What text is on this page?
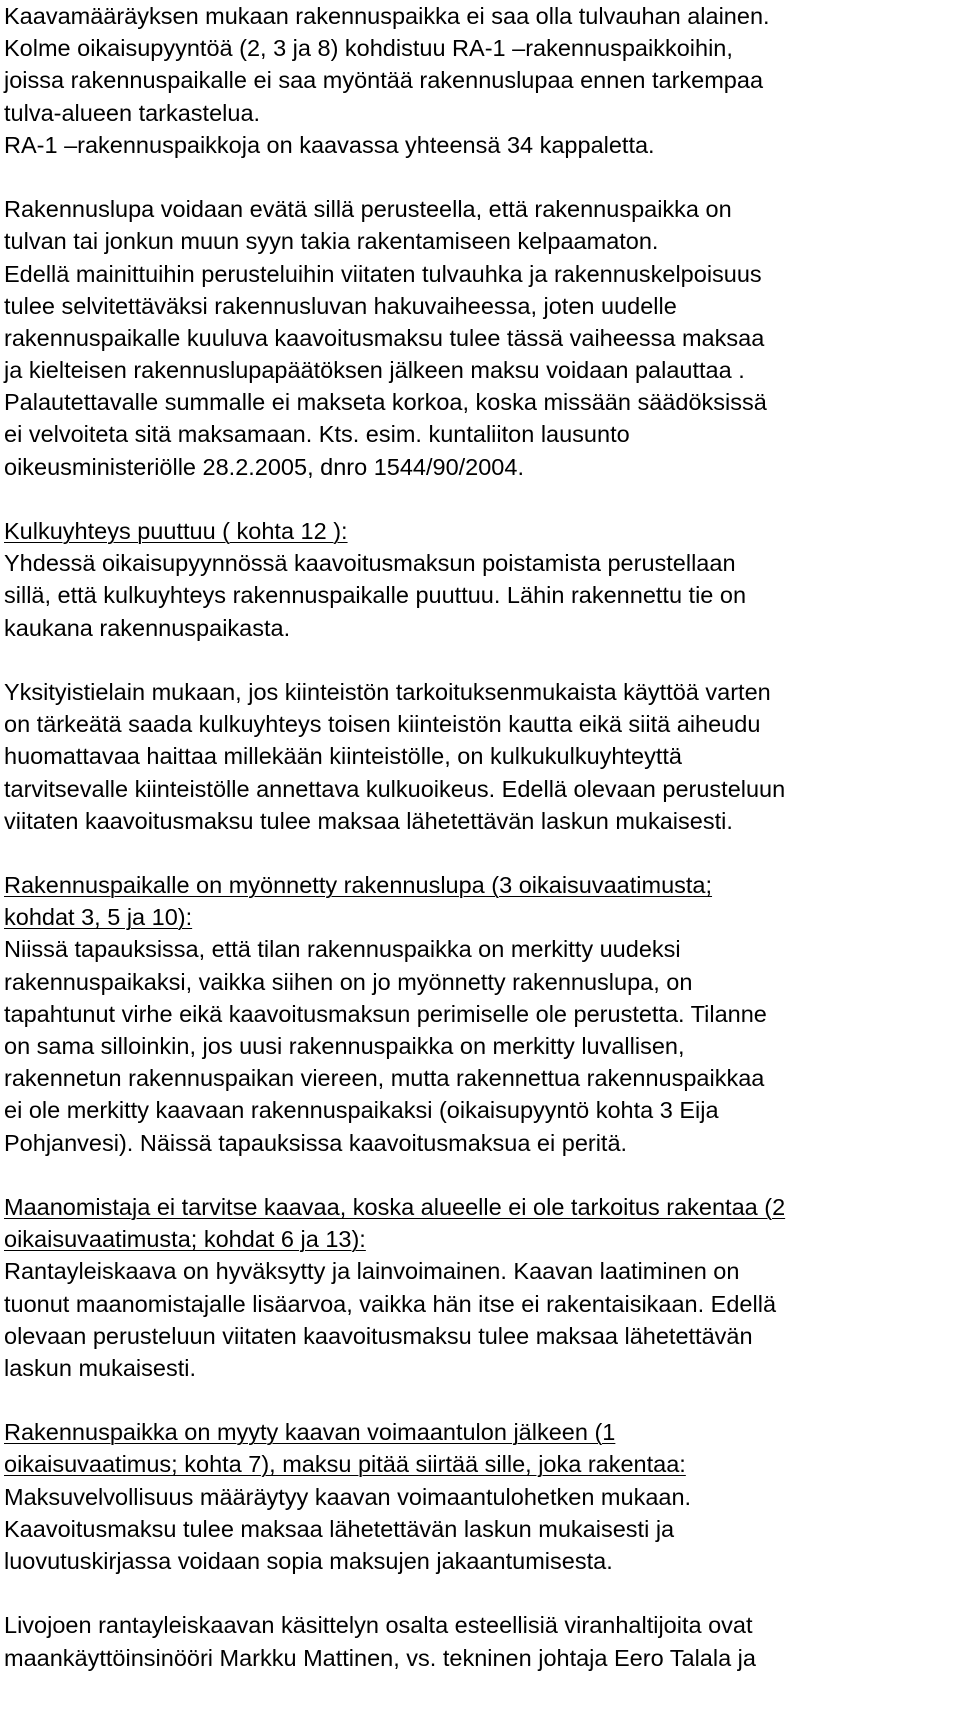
Kaavamääräyksen mukaan rakennuspaikka ei saa olla tulvauhan alainen.
Kolme oikaisupyyntöä (2, 3 ja 8) kohdistuu RA-1 –rakennuspaikkoihin,
joissa rakennuspaikalle ei saa myöntää rakennuslupaa ennen tarkempaa
tulva-alueen tarkastelua.
RA-1 –rakennuspaikkoja on kaavassa yhteensä 34 kappaletta.
Rakennuslupa voidaan evätä sillä perusteella, että rakennuspaikka on
tulvan tai jonkun muun syyn takia rakentamiseen kelpaamaton.
Edellä mainittuihin perusteluihin viitaten tulvauhka ja rakennuskelpoisuus
tulee selvitettäväksi rakennusluvan hakuvaiheessa, joten uudelle
rakennuspaikalle kuuluva kaavoitusmaksu tulee tässä vaiheessa maksaa
ja kielteisen rakennuslupapäätöksen jälkeen maksu voidaan palauttaa .
Palautettavalle summalle ei makseta korkoa, koska missään säädöksissä
ei velvoiteta sitä maksamaan. Kts. esim. kuntaliiton lausunto
oikeusministeriölle 28.2.2005, dnro 1544/90/2004.
Kulkuyhteys puuttuu ( kohta 12 ):
Yhdessä oikaisupyynnössä kaavoitusmaksun poistamista perustellaan
sillä, että kulkuyhteys rakennuspaikalle puuttuu. Lähin rakennettu tie on
kaukana rakennuspaikasta.
Yksityistielain mukaan, jos kiinteistön tarkoituksenmukaista käyttöä varten
on tärkeätä saada kulkuyhteys toisen kiinteistön kautta eikä siitä aiheudu
huomattavaa haittaa millekään kiinteistölle, on kulkukulkuyhteyttä
tarvitsevalle kiinteistölle annettava kulkuoikeus. Edellä olevaan perusteluun
viitaten kaavoitusmaksu tulee maksaa lähetettävän laskun mukaisesti.
Rakennuspaikalle on myönnetty rakennuslupa (3 oikaisuvaatimusta;
kohdat 3, 5 ja 10):
Niissä tapauksissa, että tilan rakennuspaikka on merkitty uudeksi
rakennuspaikaksi, vaikka siihen on jo myönnetty rakennuslupa, on
tapahtunut virhe eikä kaavoitusmaksun perimiselle ole perustetta. Tilanne
on sama silloinkin, jos uusi rakennuspaikka on merkitty luvallisen,
rakennetun rakennuspaikan viereen, mutta rakennettua rakennuspaikkaa
ei ole merkitty kaavaan rakennuspaikaksi (oikaisupyyntö kohta 3 Eija
Pohjanvesi). Näissä tapauksissa kaavoitusmaksua ei peritä.
Maanomistaja ei tarvitse kaavaa, koska alueelle ei ole tarkoitus rakentaa (2
oikaisuvaatimusta; kohdat 6 ja 13):
Rantayleiskaava on hyväksytty ja lainvoimainen. Kaavan laatiminen on
tuonut maanomistajalle lisäarvoa, vaikka hän itse ei rakentaisikaan. Edellä
olevaan perusteluun viitaten kaavoitusmaksu tulee maksaa lähetettävän
laskun mukaisesti.
Rakennuspaikka on myyty kaavan voimaantulon jälkeen (1
oikaisuvaatimus; kohta 7), maksu pitää siirtää sille, joka rakentaa:
Maksuvelvollisuus määräytyy kaavan voimaantulohetken mukaan.
Kaavoitusmaksu tulee maksaa lähetettävän laskun mukaisesti ja
luovutuskirjassa voidaan sopia maksujen jakaantumisesta.
Livojoen rantayleiskaavan käsittelyn osalta esteellisiä viranhaltijoita ovat
maankäyttöinsinööri Markku Mattinen, vs. tekninen johtaja Eero Talala ja
